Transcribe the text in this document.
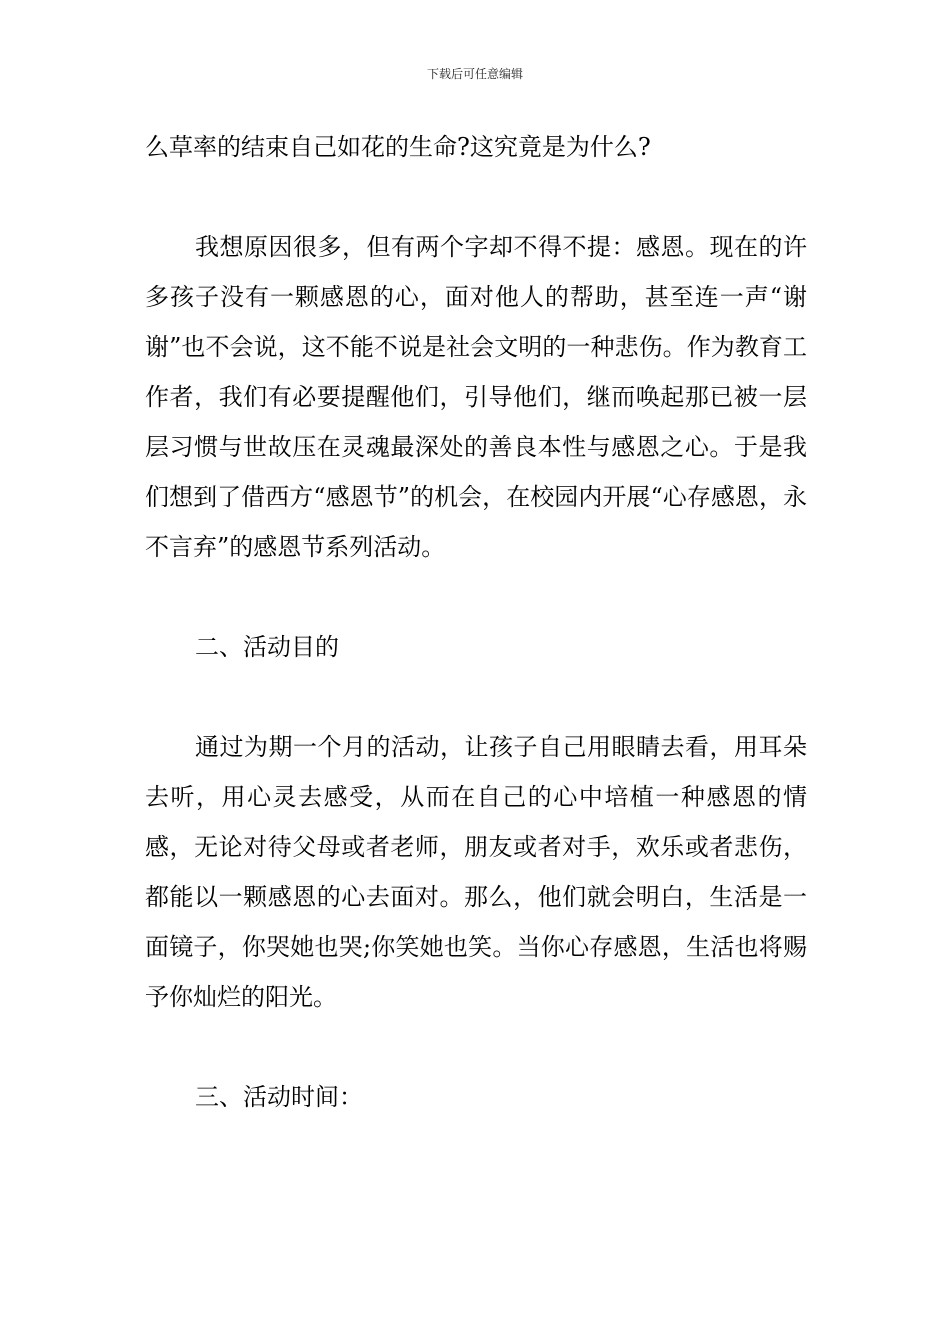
下载后可任意编辑

么草率的结束自己如花的生命?这究竟是为什么?

我想原因很多，但有两个字却不得不提：感恩。现在的许多孩子没有一颗感恩的心，面对他人的帮助，甚至连一声“谢谢”也不会说，这不能不说是社会文明的一种悲伤。作为教育工作者，我们有必要提醒他们，引导他们，继而唤起那已被一层层习惯与世故压在灵魂最深处的善良本性与感恩之心。于是我们想到了借西方“感恩节”的机会，在校园内开展“心存感恩，永不言弃”的感恩节系列活动。

二、活动目的

通过为期一个月的活动，让孩子自己用眼睛去看，用耳朵去听，用心灵去感受，从而在自己的心中培植一种感恩的情感，无论对待父母或者老师，朋友或者对手，欢乐或者悲伤，都能以一颗感恩的心去面对。那么，他们就会明白，生活是一面镜子，你哭她也哭;你笑她也笑。当你心存感恩，生活也将赐予你灿烂的阳光。

三、活动时间：
